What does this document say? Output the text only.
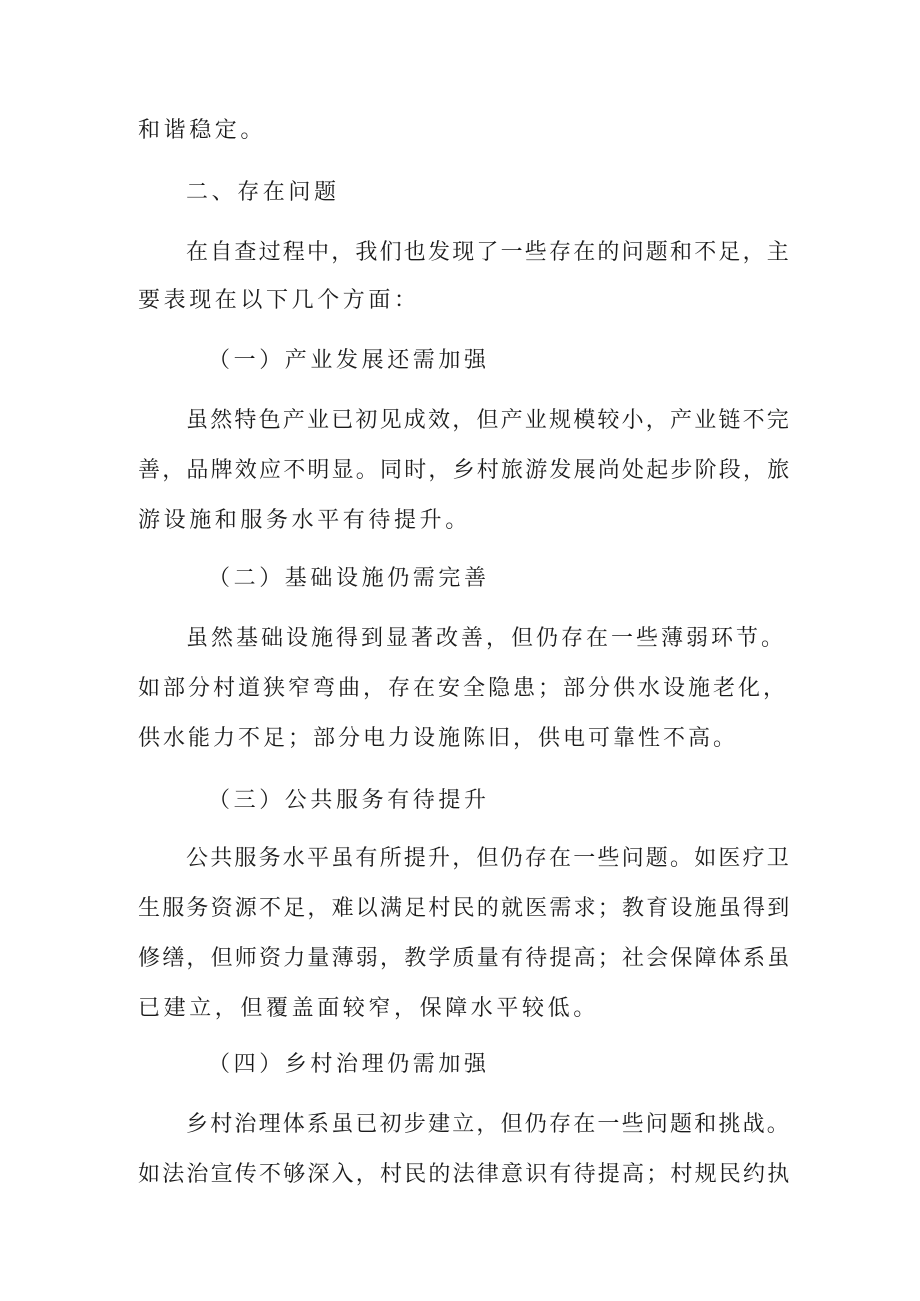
和谐稳定。
二、存在问题
在自查过程中，我们也发现了一些存在的问题和不足，主
要表现在以下几个方面：
（一）产业发展还需加强
虽然特色产业已初见成效，但产业规模较小，产业链不完
善，品牌效应不明显。同时，乡村旅游发展尚处起步阶段，旅
游设施和服务水平有待提升。
（二）基础设施仍需完善
虽然基础设施得到显著改善，但仍存在一些薄弱环节。
如部分村道狭窄弯曲，存在安全隐患；部分供水设施老化，
供水能力不足；部分电力设施陈旧，供电可靠性不高。
（三）公共服务有待提升
公共服务水平虽有所提升，但仍存在一些问题。如医疗卫
生服务资源不足，难以满足村民的就医需求；教育设施虽得到
修缮，但师资力量薄弱，教学质量有待提高；社会保障体系虽
已建立，但覆盖面较窄，保障水平较低。
（四）乡村治理仍需加强
乡村治理体系虽已初步建立，但仍存在一些问题和挑战。
如法治宣传不够深入，村民的法律意识有待提高；村规民约执
